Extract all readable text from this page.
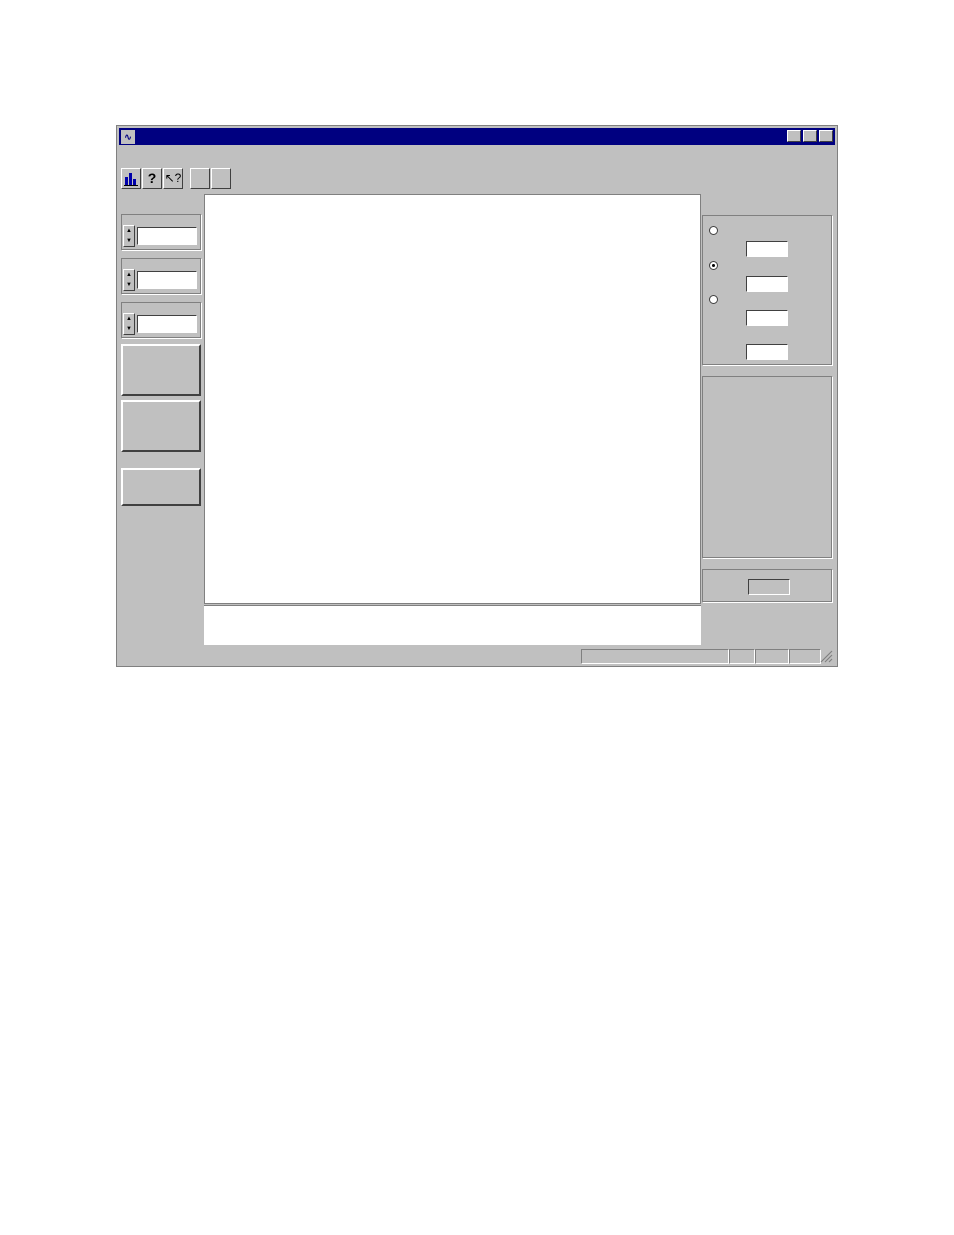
∿
? ↖?
▲
▼
▲
▼
▲
▼
